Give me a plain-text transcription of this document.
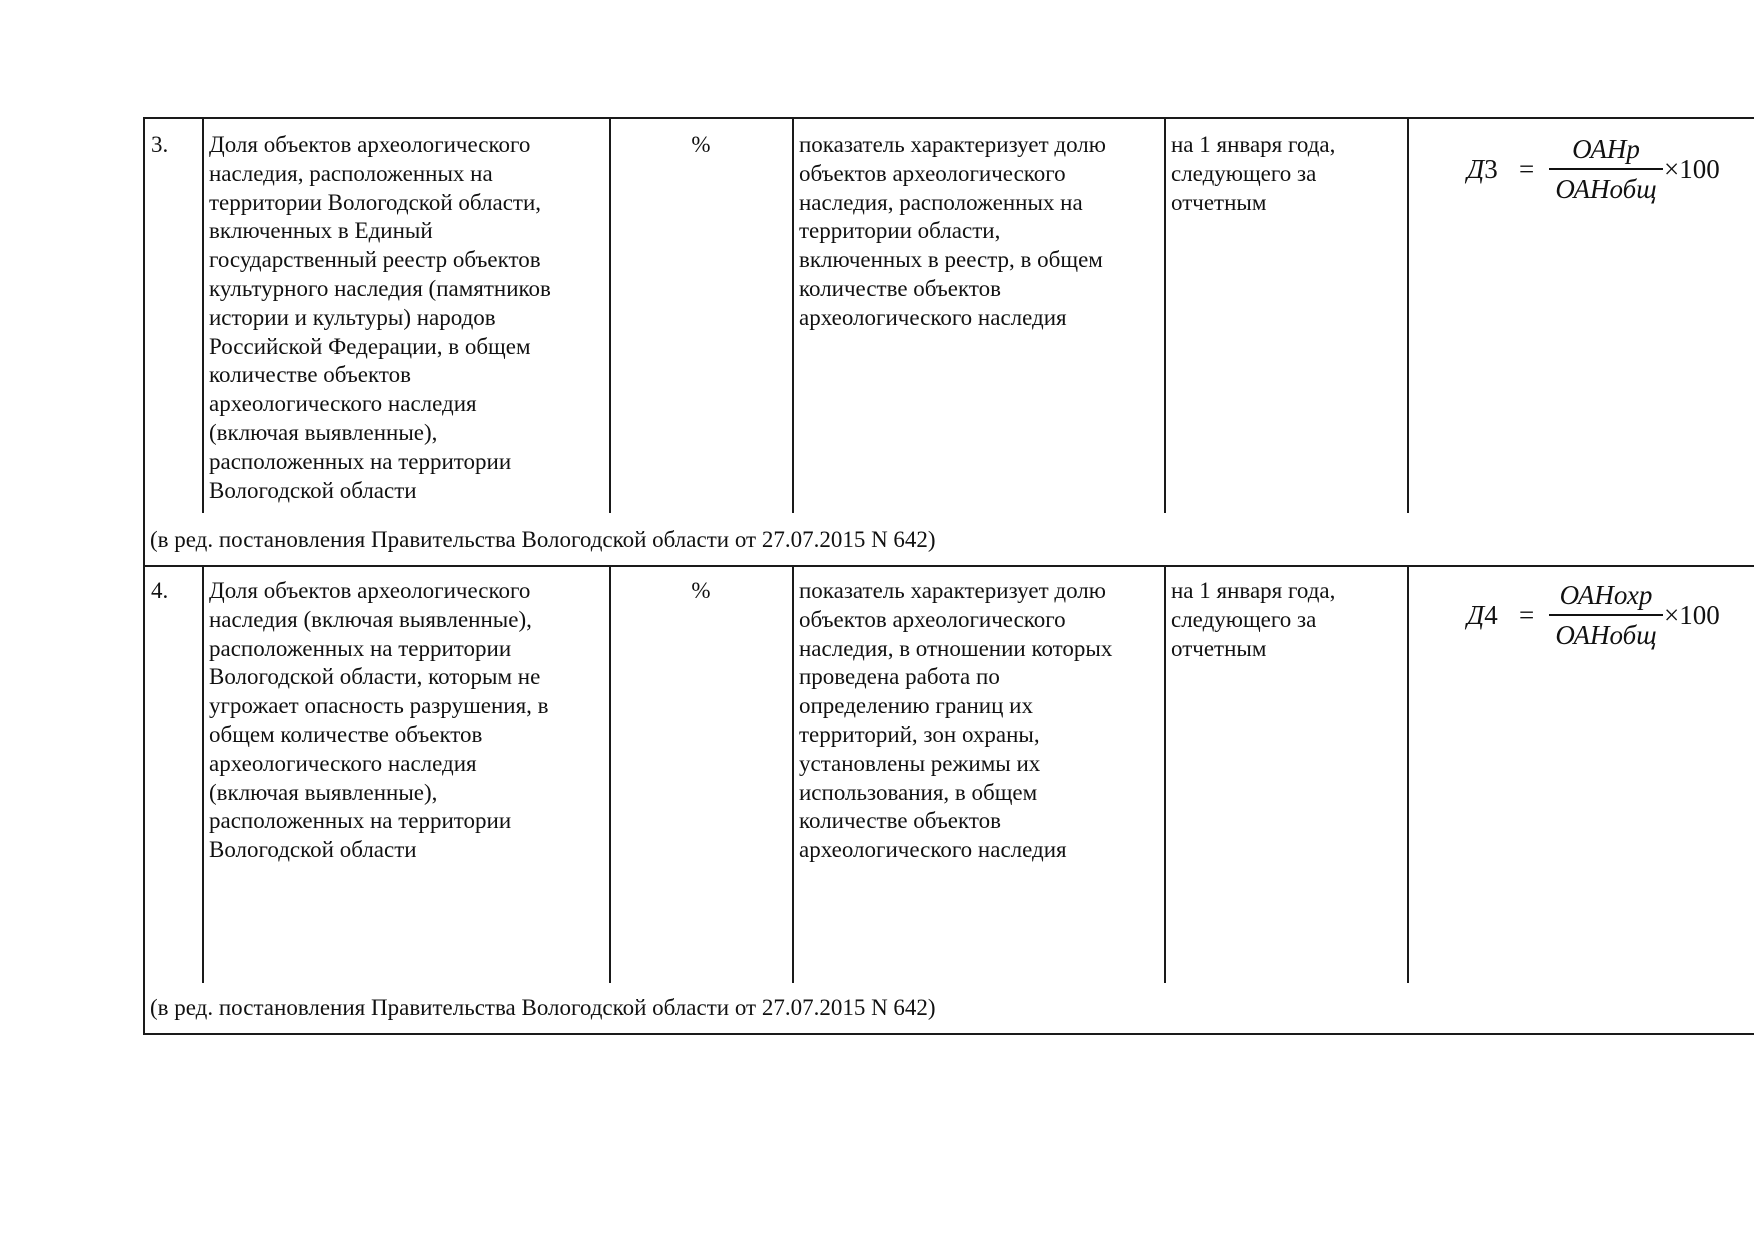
3. Доля объектов археологического
наследия, расположенных на
территории Вологодской области,
включенных в Единый
государственный реестр объектов
культурного наследия (памятников
истории и культуры) народов
Российской Федерации, в общем
количестве объектов
археологического наследия
(включая выявленные),
расположенных на территории
Вологодской области
%	показатель характеризует долю
объектов археологического
наследия, расположенных на
территории области,
включенных в реестр, в общем
количестве объектов
археологического наследия
на 1 января года,
следующего за
отчетным
Д3 =
ОАНр
ОАНобщ
×100
(в ред. постановления Правительства Вологодской области от 27.07.2015 N 642)
4. Доля объектов археологического
наследия (включая выявленные),
расположенных на территории
Вологодской области, которым не
угрожает опасность разрушения, в
общем количестве объектов
археологического наследия
(включая выявленные),
расположенных на территории
Вологодской области
%	показатель характеризует долю
объектов археологического
наследия, в отношении которых
проведена работа по
определению границ их
территорий, зон охраны,
установлены режимы их
использования, в общем
количестве объектов
археологического наследия
на 1 января года,
следующего за
отчетным
Д4 =
ОАНохр
ОАНобщ
×100
(в ред. постановления Правительства Вологодской области от 27.07.2015 N 642)
